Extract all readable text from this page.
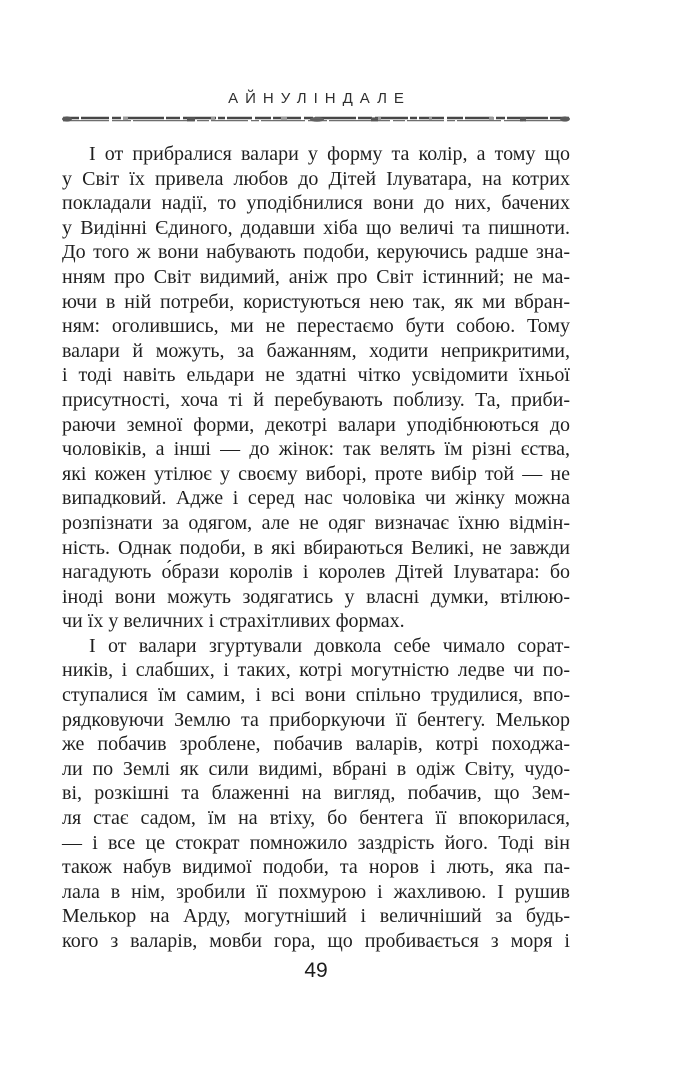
АЙНУЛІНДАЛЕ
І от прибралися валари у форму та колір, а тому що
у Світ їх привела любов до Дітей Ілуватара, на котрих
покладали надії, то уподібнилися вони до них, бачених
у Видінні Єдиного, додавши хіба що величі та пишноти.
До того ж вони набувають подоби, керуючись радше зна-
нням про Світ видимий, аніж про Світ істинний; не ма-
ючи в ній потреби, користуються нею так, як ми вбран-
ням: оголившись, ми не перестаємо бути собою. Тому
валари й можуть, за бажанням, ходити неприкритими,
і тоді навіть ельдари не здатні чітко усвідомити їхньої
присутності, хоча ті й перебувають поблизу. Та, приби-
раючи земної форми, декотрі валари уподібнюються до
чоловіків, а інші — до жінок: так велять їм різні єства,
які кожен утілює у своєму виборі, проте вибір той — не
випадковий. Адже і серед нас чоловіка чи жінку можна
розпізнати за одягом, але не одяг визначає їхню відмін-
ність. Однак подоби, в які вбираються Великі, не завжди
нагадують о́брази королів і королев Дітей Ілуватара: бо
іноді вони можуть зодягатись у власні думки, втілюю-
чи їх у величних і страхітливих формах.
І от валари згуртували довкола себе чимало сорат-
ників, і слабших, і таких, котрі могутністю ледве чи по-
ступалися їм самим, і всі вони спільно трудилися, впо-
рядковуючи Землю та приборкуючи її бентегу. Мелькор
же побачив зроблене, побачив валарів, котрі походжа-
ли по Землі як сили видимі, вбрані в одіж Світу, чудо-
ві, розкішні та блаженні на вигляд, побачив, що Зем-
ля стає садом, їм на втіху, бо бентега її впокорилася,
— і все це стократ помножило заздрість його. Тоді він
також набув видимої подоби, та норов і лють, яка па-
лала в нім, зробили її похмурою і жахливою. І рушив
Мелькор на Арду, могутніший і величніший за будь-
кого з валарів, мовби гора, що пробивається з моря і
49
